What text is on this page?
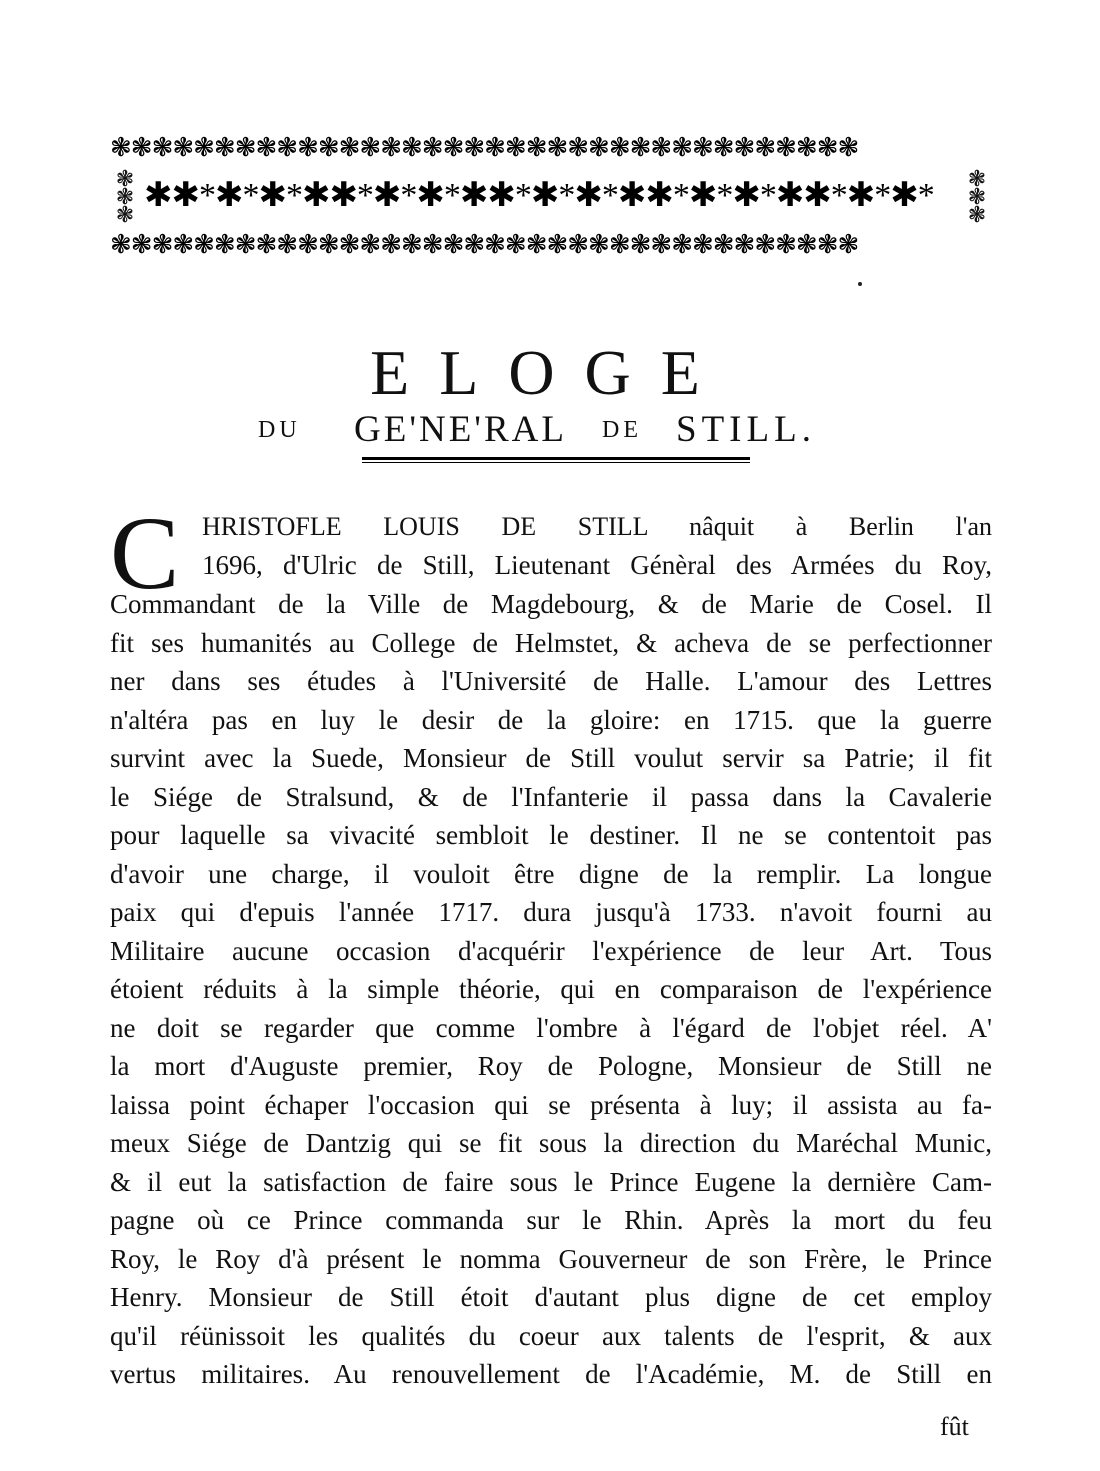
❃❃❃❃❃❃❃❃❃❃❃❃❃❃❃❃❃❃❃❃❃❃❃❃❃❃❃❃❃❃❃❃❃❃❃❃
✱✱*✱*✱*✱✱*✱*✱*✱✱*✱*✱*✱✱*✱*✱*✱✱*✱*✱*
❃
❃
❃
❃
❃
❃
❃❃❃❃❃❃❃❃❃❃❃❃❃❃❃❃❃❃❃❃❃❃❃❃❃❃❃❃❃❃❃❃❃❃❃❃
ELOGE
DU GE'NE'RAL DE STILL.
C HRISTOFLE LOUIS DE STILL nâquit à Berlin l'an
1696, d'Ulric de Still, Lieutenant Génèral des Armées du Roy,
Commandant de la Ville de Magdebourg, & de Marie de Cosel. Il
fit ses humanités au College de Helmstet, & acheva de se perfectionner
ner dans ses études à l'Université de Halle. L'amour des Lettres
n'altéra pas en luy le desir de la gloire: en 1715. que la guerre
survint avec la Suede, Monsieur de Still voulut servir sa Patrie; il fit
le Siége de Stralsund, & de l'Infanterie il passa dans la Cavalerie
pour laquelle sa vivacité sembloit le destiner. Il ne se contentoit pas
d'avoir une charge, il vouloit être digne de la remplir. La longue
paix qui d'epuis l'année 1717. dura jusqu'à 1733. n'avoit fourni au
Militaire aucune occasion d'acquérir l'expérience de leur Art. Tous
étoient réduits à la simple théorie, qui en comparaison de l'expérience
ne doit se regarder que comme l'ombre à l'égard de l'objet réel. A'
la mort d'Auguste premier, Roy de Pologne, Monsieur de Still ne
laissa point échaper l'occasion qui se présenta à luy; il assista au fa-
meux Siége de Dantzig qui se fit sous la direction du Maréchal Munic,
& il eut la satisfaction de faire sous le Prince Eugene la dernière Cam-
pagne où ce Prince commanda sur le Rhin. Après la mort du feu
Roy, le Roy d'à présent le nomma Gouverneur de son Frère, le Prince
Henry. Monsieur de Still étoit d'autant plus digne de cet employ
qu'il réünissoit les qualités du coeur aux talents de l'esprit, & aux
vertus militaires. Au renouvellement de l'Académie, M. de Still en
fût
